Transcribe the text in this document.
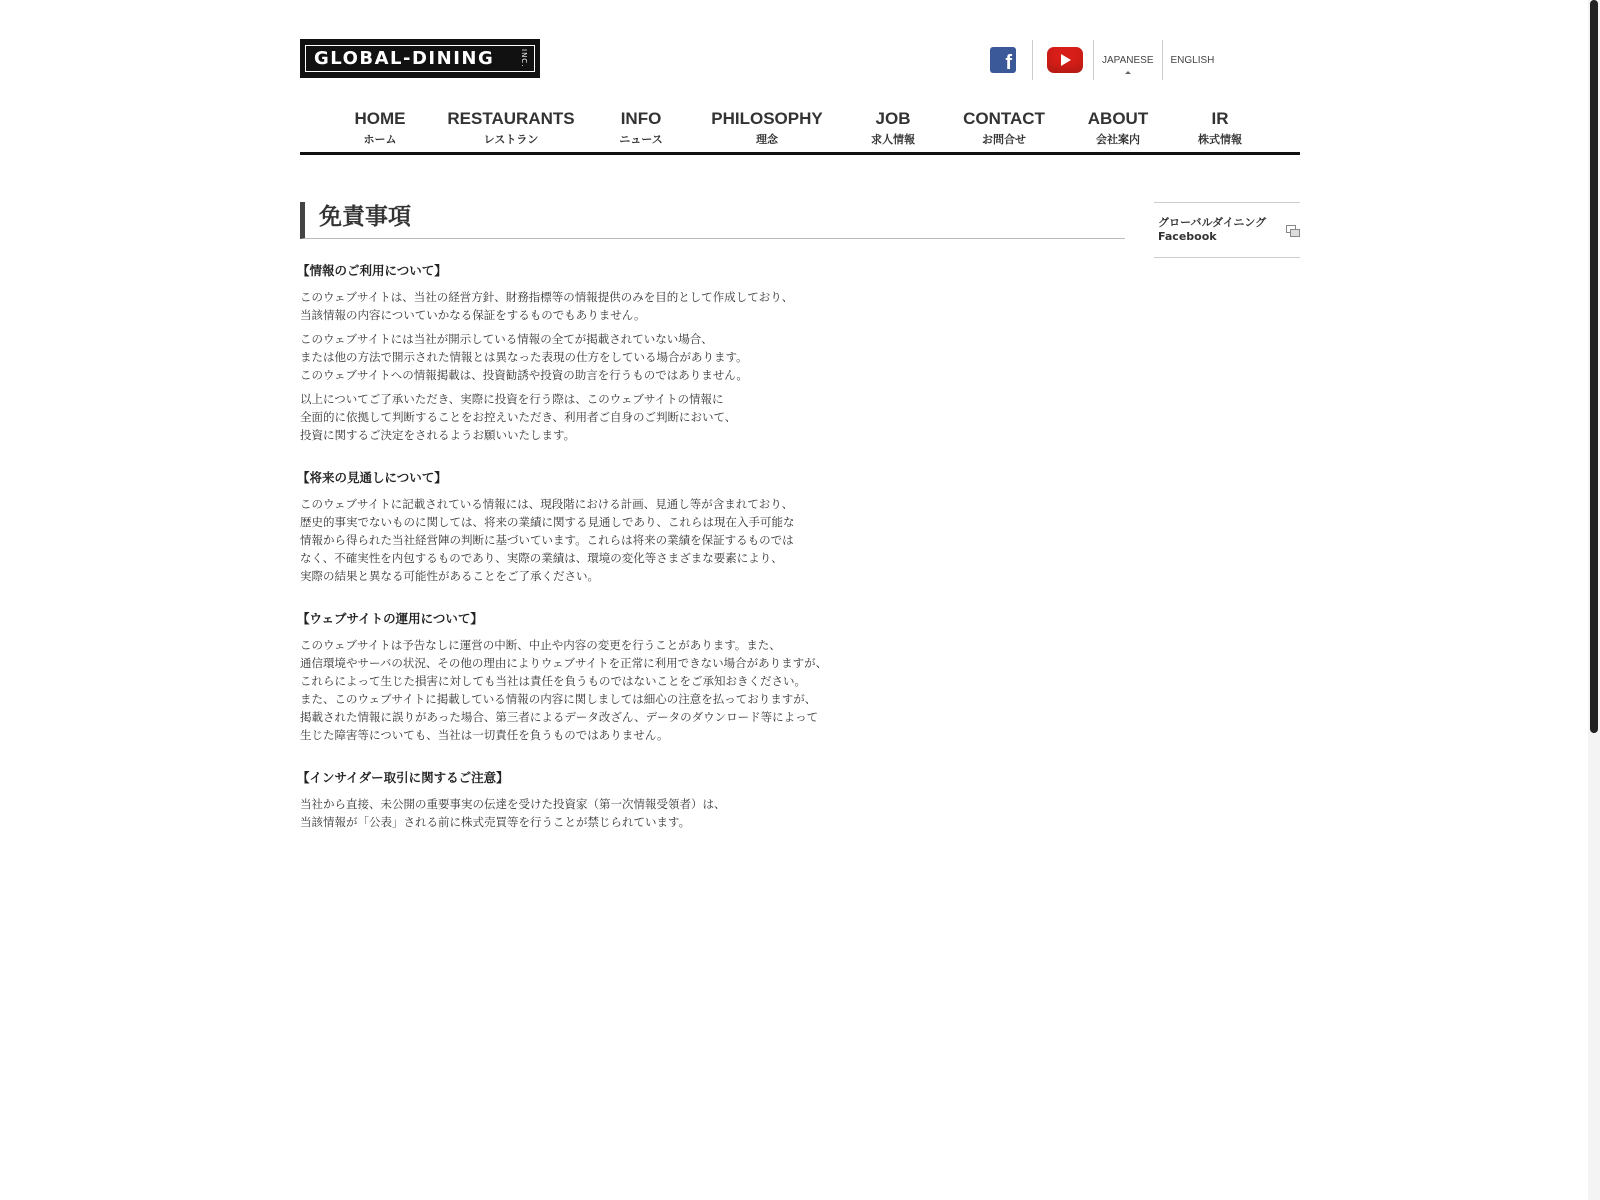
GLOBAL-DINING	INC.	f	JAPANESE	ENGLISH
HOME
ホーム
RESTAURANTS
レストラン
INFO
ニュース
PHILOSOPHY
理念
JOB
求人情報
CONTACT
お問合せ
ABOUT
会社案内
IR
株式情報
免責事項
【情報のご利用について】

このウェブサイトは、当社の経営方針、財務指標等の情報提供のみを目的として作成しており、
当該情報の内容についていかなる保証をするものでもありません。

このウェブサイトには当社が開示している情報の全てが掲載されていない場合、
または他の方法で開示された情報とは異なった表現の仕方をしている場合があります。
このウェブサイトへの情報掲載は、投資勧誘や投資の助言を行うものではありません。

以上についてご了承いただき、実際に投資を行う際は、このウェブサイトの情報に
全面的に依拠して判断することをお控えいただき、利用者ご自身のご判断において、
投資に関するご決定をされるようお願いいたします。

【将来の見通しについて】

このウェブサイトに記載されている情報には、現段階における計画、見通し等が含まれており、
歴史的事実でないものに関しては、将来の業績に関する見通しであり、これらは現在入手可能な
情報から得られた当社経営陣の判断に基づいています。これらは将来の業績を保証するものでは
なく、不確実性を内包するものであり、実際の業績は、環境の変化等さまざまな要素により、
実際の結果と異なる可能性があることをご了承ください。

【ウェブサイトの運用について】

このウェブサイトは予告なしに運営の中断、中止や内容の変更を行うことがあります。また、
通信環境やサーバの状況、その他の理由によりウェブサイトを正常に利用できない場合がありますが、
これらによって生じた損害に対しても当社は責任を負うものではないことをご承知おきください。
また、このウェブサイトに掲載している情報の内容に関しましては細心の注意を払っておりますが、
掲載された情報に誤りがあった場合、第三者によるデータ改ざん、データのダウンロード等によって
生じた障害等についても、当社は一切責任を負うものではありません。

【インサイダー取引に関するご注意】

当社から直接、未公開の重要事実の伝達を受けた投資家（第一次情報受領者）は、
当該情報が「公表」される前に株式売買等を行うことが禁じられています。

グローバルダイニング
Facebook
